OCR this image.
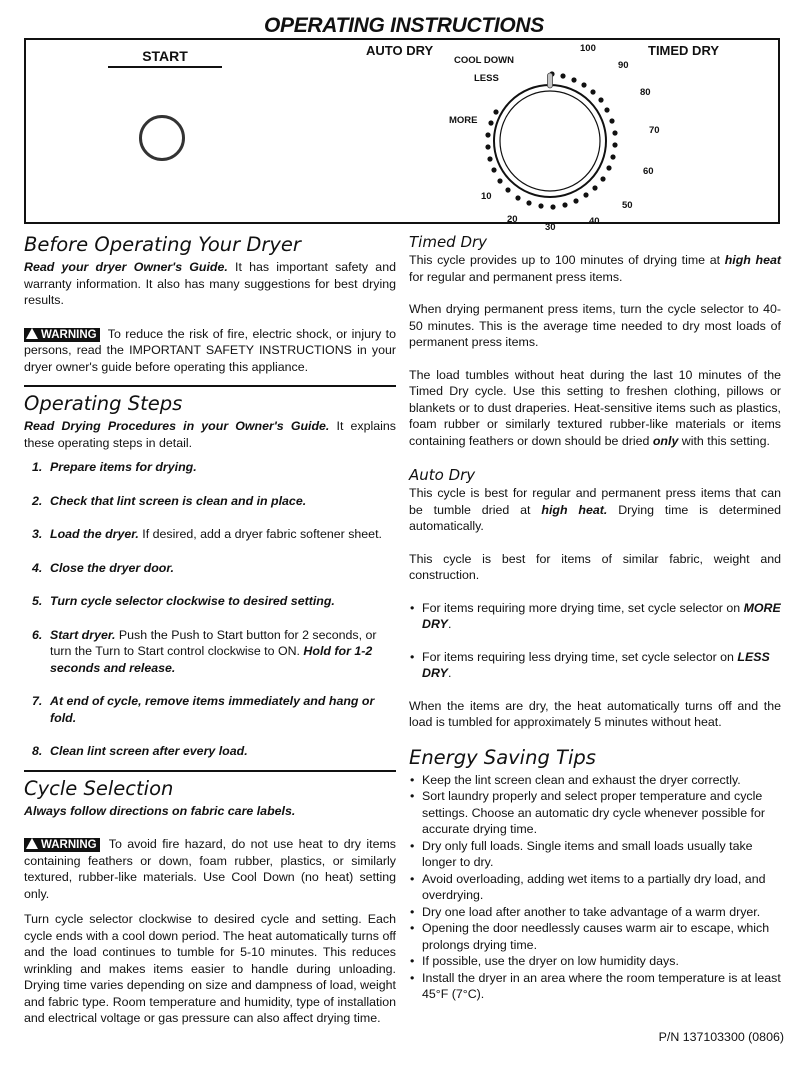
OPERATING INSTRUCTIONS
START	AUTO DRY	TIMED DRY
COOL DOWN
LESS
MORE
100
90
80
70
60
50
40
30
20
10
Before Operating Your Dryer

Read your dryer Owner's Guide. It has important safety and warranty information. It also has many suggestions for best drying results.

WARNING To reduce the risk of fire, electric shock, or injury to persons, read the IMPORTANT SAFETY INSTRUCTIONS in your dryer owner's guide before operating this appliance.

Operating Steps

Read Drying Procedures in your Owner's Guide. It explains these operating steps in detail.

1. Prepare items for drying.
2. Check that lint screen is clean and in place.
3. Load the dryer. If desired, add a dryer fabric softener sheet.
4. Close the dryer door.
5. Turn cycle selector clockwise to desired setting.
6. Start dryer. Push the Push to Start button for 2 seconds, or turn the Turn to Start control clockwise to ON. Hold for 1-2 seconds and release.
7. At end of cycle, remove items immediately and hang or fold.
8. Clean lint screen after every load.
Cycle Selection

Always follow directions on fabric care labels.

WARNING To avoid fire hazard, do not use heat to dry items containing feathers or down, foam rubber, plastics, or similarly textured, rubber-like materials. Use Cool Down (no heat) setting only.

Turn cycle selector clockwise to desired cycle and setting. Each cycle ends with a cool down period. The heat automatically turns off and the load continues to tumble for 5-10 minutes. This reduces wrinkling and makes items easier to handle during unloading. Drying time varies depending on size and dampness of load, weight and fabric type. Room temperature and humidity, type of installation and electrical voltage or gas pressure can also affect drying time.

Timed Dry

This cycle provides up to 100 minutes of drying time at high heat for regular and permanent press items.

When drying permanent press items, turn the cycle selector to 40-50 minutes. This is the average time needed to dry most loads of permanent press items.

The load tumbles without heat during the last 10 minutes of the Timed Dry cycle. Use this setting to freshen clothing, pillows or blankets or to dust draperies. Heat-sensitive items such as plastics, foam rubber or similarly textured rubber-like materials or items containing feathers or down should be dried only with this setting.

Auto Dry

This cycle is best for regular and permanent press items that can be tumble dried at high heat. Drying time is determined automatically.

This cycle is best for items of similar fabric, weight and construction.

• For items requiring more drying time, set cycle selector on MORE DRY.
• For items requiring less drying time, set cycle selector on LESS DRY.

When the items are dry, the heat automatically turns off and the load is tumbled for approximately 5 minutes without heat.

Energy Saving Tips
• Keep the lint screen clean and exhaust the dryer correctly.
• Sort laundry properly and select proper temperature and cycle settings. Choose an automatic dry cycle whenever possible for accurate drying time.
• Dry only full loads. Single items and small loads usually take longer to dry.
• Avoid overloading, adding wet items to a partially dry load, and overdrying.
• Dry one load after another to take advantage of a warm dryer.
• Opening the door needlessly causes warm air to escape, which prolongs drying time.
• If possible, use the dryer on low humidity days.
• Install the dryer in an area where the room temperature is at least 45°F (7°C).
P/N 137103300 (0806)
